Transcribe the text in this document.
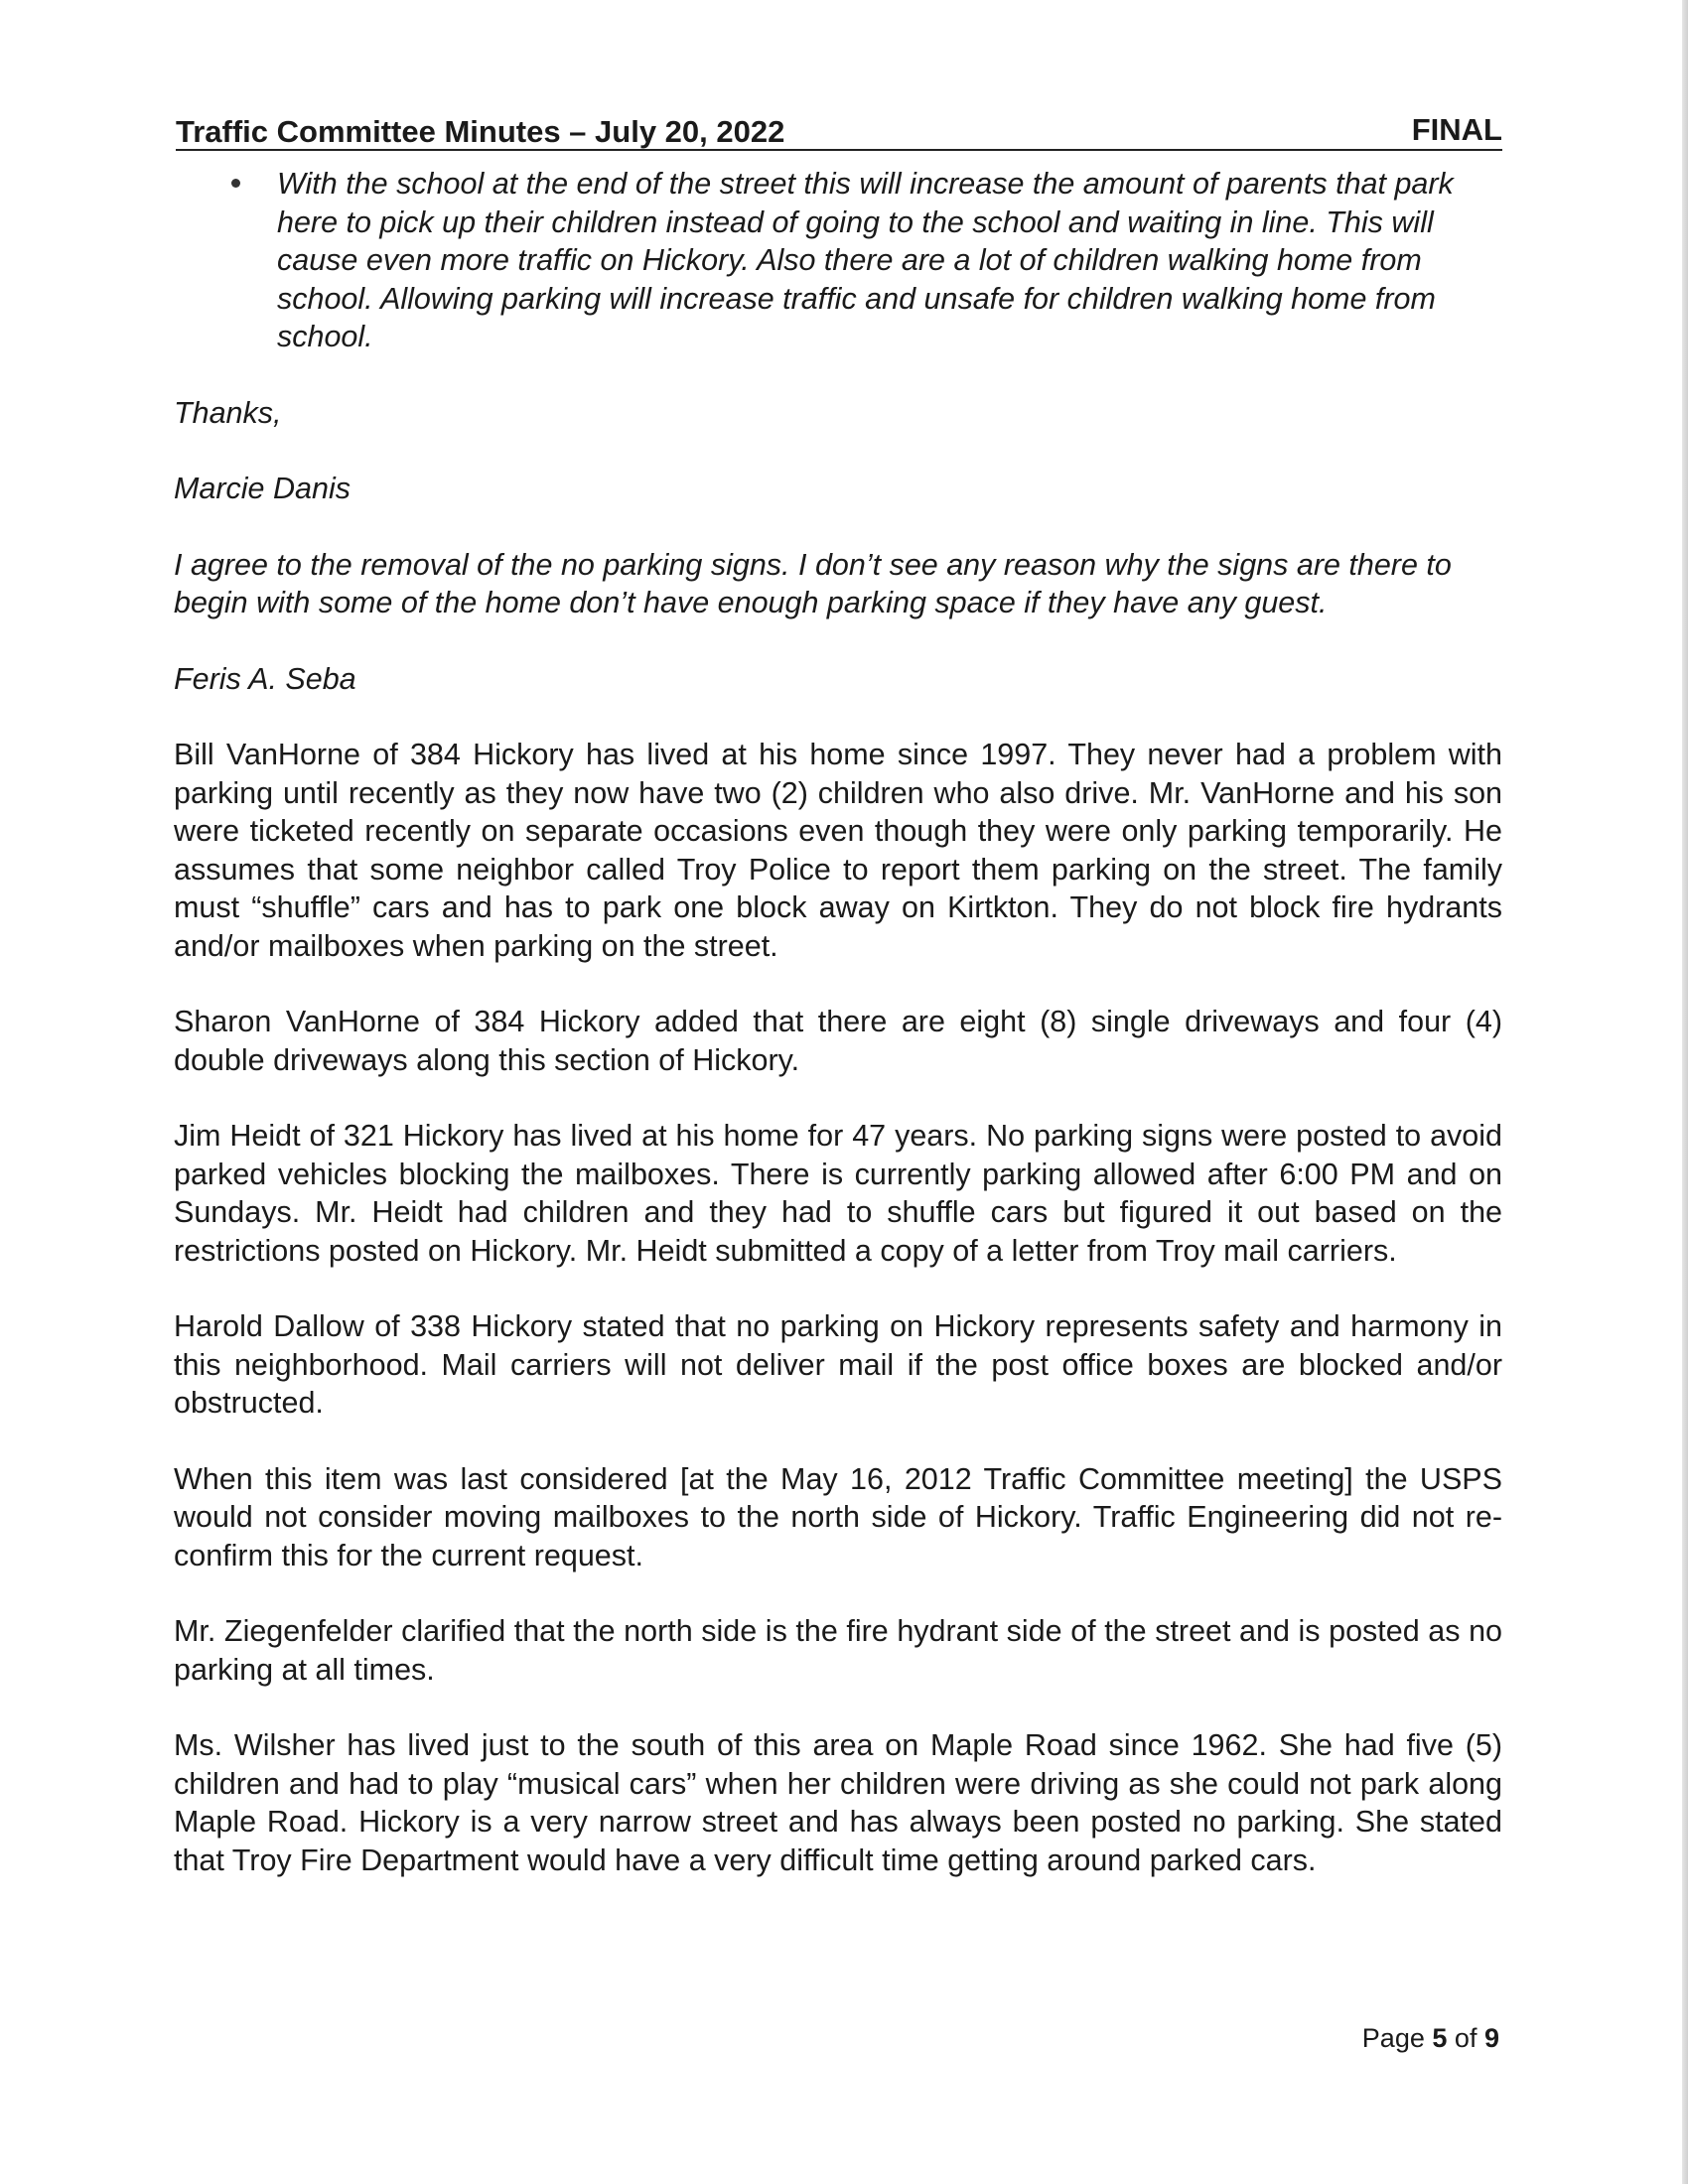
Traffic Committee Minutes – July 20, 2022	FINAL

With the school at the end of the street this will increase the amount of parents that park here to pick up their children instead of going to the school and waiting in line. This will cause even more traffic on Hickory. Also there are a lot of children walking home from school. Allowing parking will increase traffic and unsafe for children walking home from school.

Thanks,

Marcie Danis

I agree to the removal of the no parking signs. I don’t see any reason why the signs are there to begin with some of the home don’t have enough parking space if they have any guest.

Feris A. Seba

Bill VanHorne of 384 Hickory has lived at his home since 1997. They never had a problem with parking until recently as they now have two (2) children who also drive. Mr. VanHorne and his son were ticketed recently on separate occasions even though they were only parking temporarily. He assumes that some neighbor called Troy Police to report them parking on the street. The family must “shuffle” cars and has to park one block away on Kirtkton. They do not block fire hydrants and/or mailboxes when parking on the street.

Sharon VanHorne of 384 Hickory added that there are eight (8) single driveways and four (4) double driveways along this section of Hickory.

Jim Heidt of 321 Hickory has lived at his home for 47 years. No parking signs were posted to avoid parked vehicles blocking the mailboxes. There is currently parking allowed after 6:00 PM and on Sundays. Mr. Heidt had children and they had to shuffle cars but figured it out based on the restrictions posted on Hickory. Mr. Heidt submitted a copy of a letter from Troy mail carriers.

Harold Dallow of 338 Hickory stated that no parking on Hickory represents safety and harmony in this neighborhood. Mail carriers will not deliver mail if the post office boxes are blocked and/or obstructed.

When this item was last considered [at the May 16, 2012 Traffic Committee meeting] the USPS would not consider moving mailboxes to the north side of Hickory. Traffic Engineering did not re-confirm this for the current request.

Mr. Ziegenfelder clarified that the north side is the fire hydrant side of the street and is posted as no parking at all times.

Ms. Wilsher has lived just to the south of this area on Maple Road since 1962. She had five (5) children and had to play “musical cars” when her children were driving as she could not park along Maple Road. Hickory is a very narrow street and has always been posted no parking. She stated that Troy Fire Department would have a very difficult time getting around parked cars.

Page 5 of 9
